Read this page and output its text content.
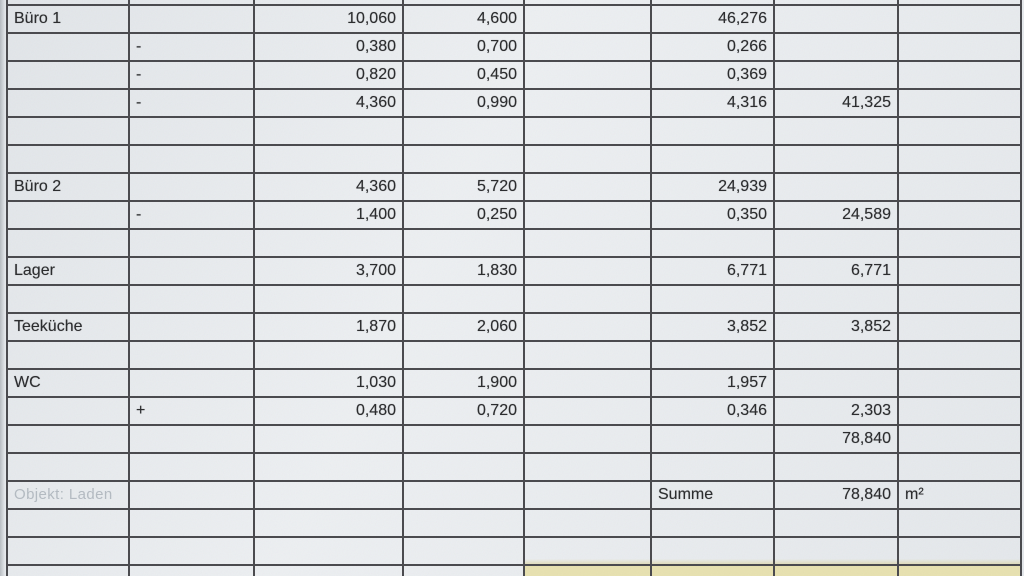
Büro 1		10,060	4,600		46,276		
	-	0,380	0,700		0,266		
	-	0,820	0,450		0,369		
	-	4,360	0,990		4,316	41,325	

Büro 2		4,360	5,720		24,939		
	-	1,400	0,250		0,350	24,589	

Lager		3,700	1,830		6,771	6,771	

Teeküche		1,870	2,060		3,852	3,852	

WC		1,030	1,900		1,957		
	+	0,480	0,720		0,346	2,303	
						78,840	

Objekt: Laden					Summe	78,840	m²
